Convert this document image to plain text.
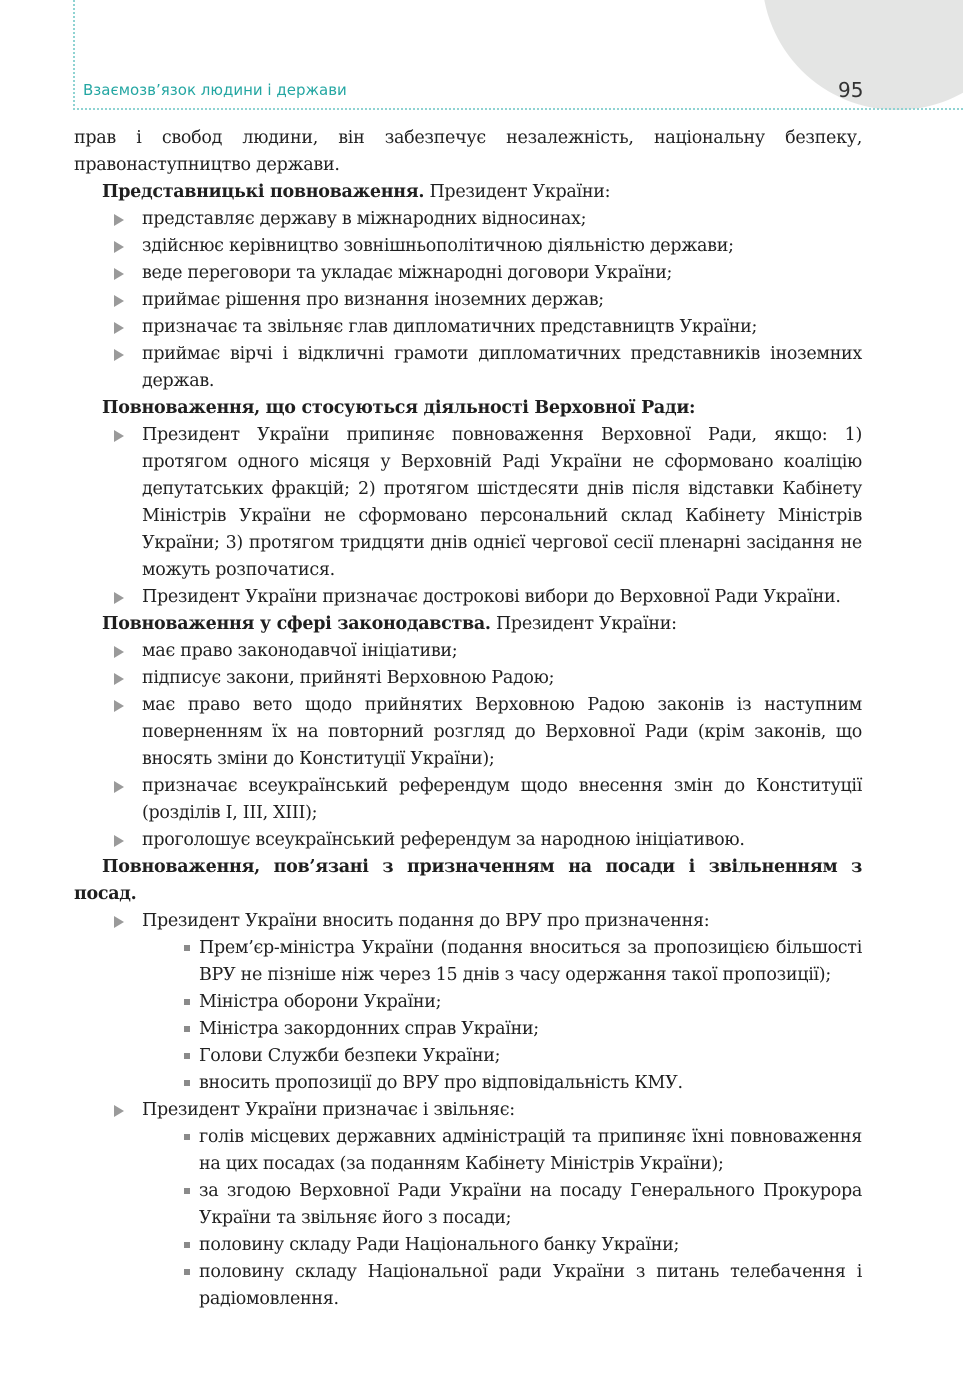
Взаємозв’язок людини і держави	95

прав і свобод людини, він забезпечує незалежність, національну безпеку, правонаступництво держави.

Представницькі повноваження. Президент України:

представляє державу в міжнародних відносинах;
здійснює керівництво зовнішньополітичною діяльністю держави;
веде переговори та укладає міжнародні договори України;
приймає рішення про визнання іноземних держав;
призначає та звільняє глав дипломатичних представництв України;
приймає вірчі і відкличні грамоти дипломатичних представників іноземних держав.

Повноваження, що стосуються діяльності Верховної Ради:

Президент України припиняє повноваження Верховної Ради, якщо: 1) протягом одного місяця у Верховній Раді України не сформовано коаліцію депутатських фракцій; 2) протягом шістдесяти днів після відставки Кабінету Міністрів України не сформовано персональний склад Кабінету Міністрів України; 3) протягом тридцяти днів однієї чергової сесії пленарні засідання не можуть розпочатися.
Президент України призначає дострокові вибори до Верховної Ради України.

Повноваження у сфері законодавства. Президент України:

має право законодавчої ініціативи;
підписує закони, прийняті Верховною Радою;
має право вето щодо прийнятих Верховною Радою законів із наступним поверненням їх на повторний розгляд до Верховної Ради (крім законів, що вносять зміни до Конституції України);
призначає всеукраїнський референдум щодо внесення змін до Конституції (розділів I, III, XIII);
проголошує всеукраїнський референдум за народною ініціативою.

Повноваження, пов’язані з призначенням на посади і звільненням з посад.

Президент України вносить подання до ВРУ про призначення:
Прем’єр-міністра України (подання вноситься за пропозицією більшості ВРУ не пізніше ніж через 15 днів з часу одержання такої пропозиції);
Міністра оборони України;
Міністра закордонних справ України;
Голови Служби безпеки України;
вносить пропозиції до ВРУ про відповідальність КМУ.
Президент України призначає і звільняє:
голів місцевих державних адміністрацій та припиняє їхні повноваження на цих посадах (за поданням Кабінету Міністрів України);
за згодою Верховної Ради України на посаду Генерального Прокурора України та звільняє його з посади;
половину складу Ради Національного банку України;
половину складу Національної ради України з питань телебачення і радіомовлення.
